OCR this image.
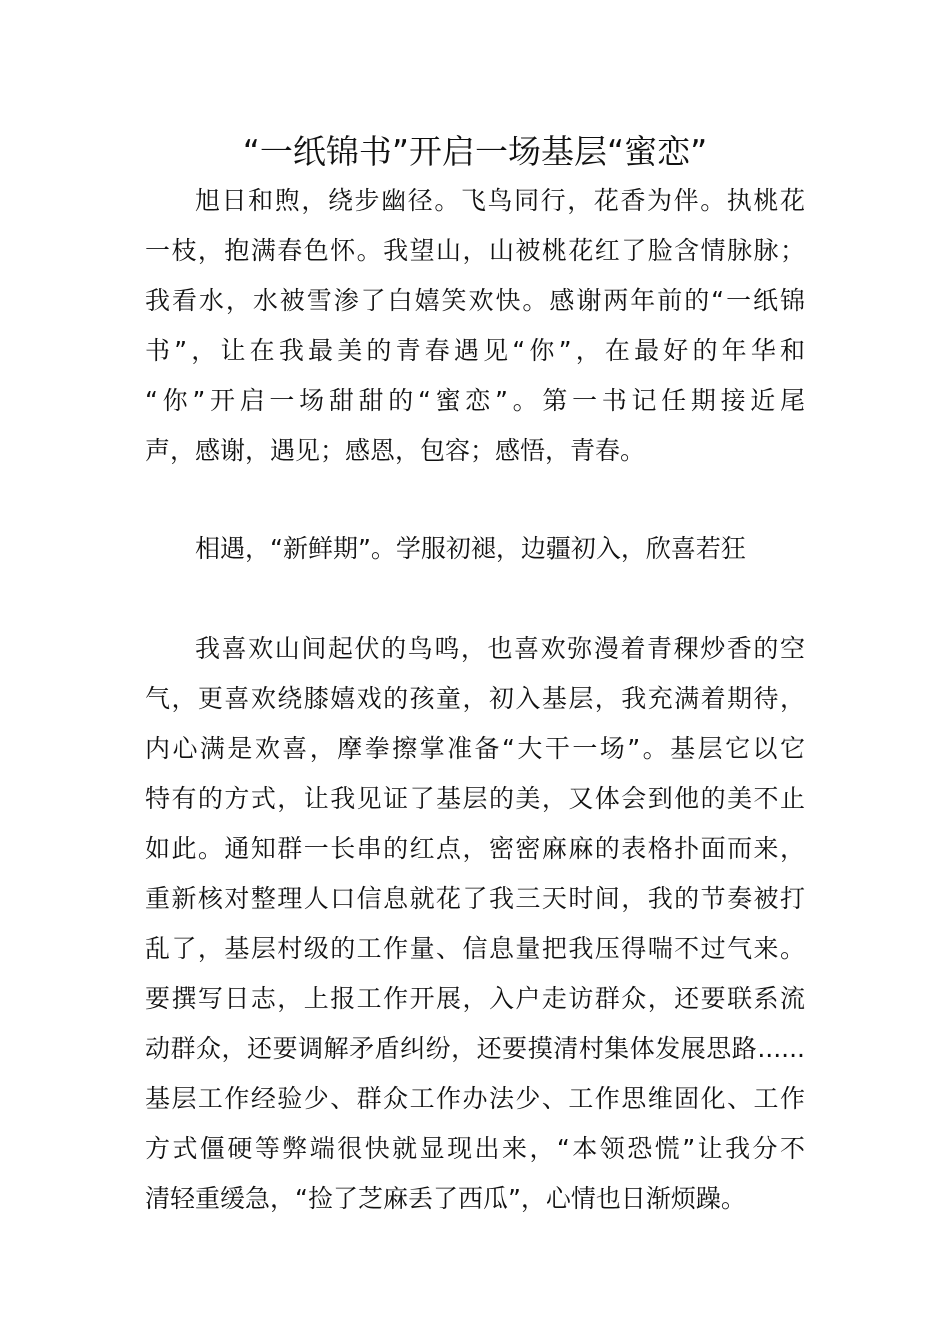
“一纸锦书”开启一场基层“蜜恋”
旭日和煦，绕步幽径。飞鸟同行，花香为伴。执桃花
一枝，抱满春色怀。我望山，山被桃花红了脸含情脉脉；
我看水，水被雪渗了白嬉笑欢快。感谢两年前的“一纸锦
书”，让在我最美的青春遇见“你”，在最好的年华和
“你”开启一场甜甜的“蜜恋”。第一书记任期接近尾
声，感谢，遇见；感恩，包容；感悟，青春。
相遇，“新鲜期”。学服初褪，边疆初入，欣喜若狂
我喜欢山间起伏的鸟鸣，也喜欢弥漫着青稞炒香的空
气，更喜欢绕膝嬉戏的孩童，初入基层，我充满着期待，
内心满是欢喜，摩拳擦掌准备“大干一场”。基层它以它
特有的方式，让我见证了基层的美，又体会到他的美不止
如此。通知群一长串的红点，密密麻麻的表格扑面而来，
重新核对整理人口信息就花了我三天时间，我的节奏被打
乱了，基层村级的工作量、信息量把我压得喘不过气来。
要撰写日志，上报工作开展，入户走访群众，还要联系流
动群众，还要调解矛盾纠纷，还要摸清村集体发展思路......
基层工作经验少、群众工作办法少、工作思维固化、工作
方式僵硬等弊端很快就显现出来，“本领恐慌”让我分不
清轻重缓急，“捡了芝麻丢了西瓜”，心情也日渐烦躁。
